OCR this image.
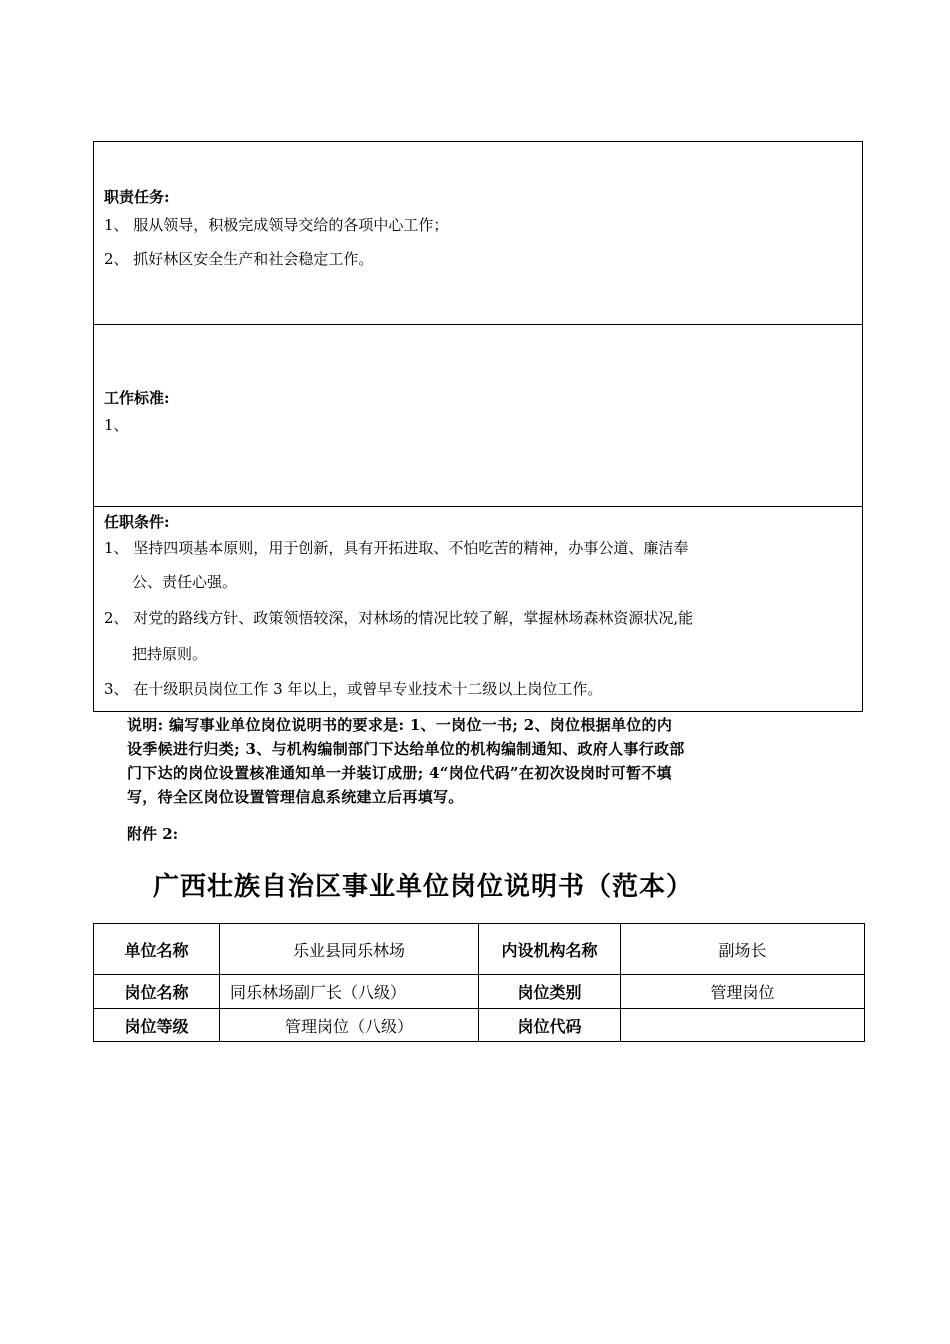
职责任务:
1、 服从领导，积极完成领导交给的各项中心工作；
2、 抓好林区安全生产和社会稳定工作。
工作标准:
1、
任职条件:
1、 坚持四项基本原则，用于创新，具有开拓进取、不怕吃苦的精神，办事公道、廉洁奉
公、责任心强。
2、 对党的路线方针、政策领悟较深，对林场的情况比较了解，掌握林场森林资源状况,能
把持原则。
3、 在十级职员岗位工作 3 年以上，或曾早专业技术十二级以上岗位工作。
说明: 编写事业单位岗位说明书的要求是: 1、一岗位一书; 2、岗位根据单位的内
设季候进行归类; 3、与机构编制部门下达给单位的机构编制通知、政府人事行政部
门下达的岗位设置核准通知单一并装订成册; 4“岗位代码”在初次设岗时可暂不填
写，待全区岗位设置管理信息系统建立后再填写。
附件 2:
广西壮族自治区事业单位岗位说明书（范本）
单位名称	乐业县同乐林场	内设机构名称	副场长
岗位名称	同乐林场副厂长（八级）	岗位类别	管理岗位
岗位等级	管理岗位（八级）	岗位代码	
